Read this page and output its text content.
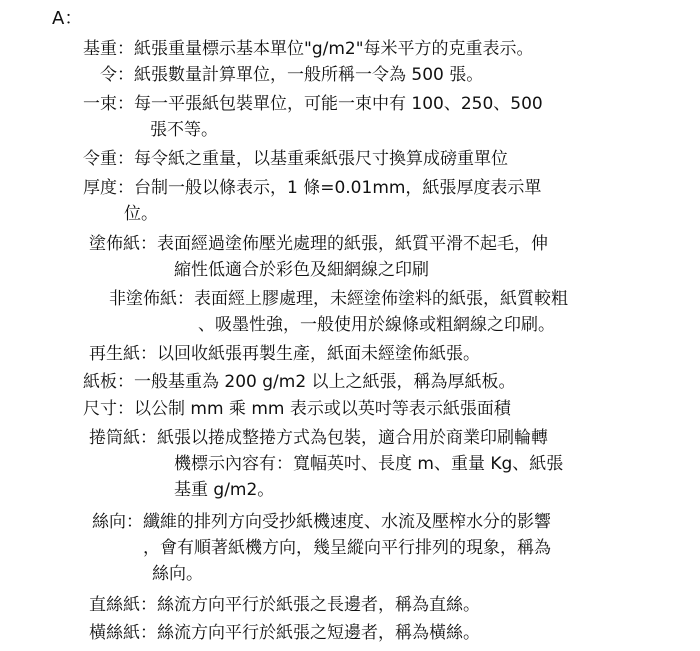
A：
基重： 紙張重量標示基本單位"g/m2"每米平方的克重表示。
令： 紙張數量計算單位，一般所稱一令為 500 張。
一束： 每一平張紙包裝單位，可能一束中有 100、250、500
張不等。
令重： 每令紙之重量，以基重乘紙張尺寸換算成磅重單位
厚度： 台制一般以條表示，1 條=0.01mm，紙張厚度表示單
位。
塗佈紙： 表面經過塗佈壓光處理的紙張，紙質平滑不起毛，伸
縮性低適合於彩色及細網線之印刷
非塗佈紙： 表面經上膠處理，未經塗佈塗料的紙張，紙質較粗
、吸墨性強，一般使用於線條或粗網線之印刷。
再生紙： 以回收紙張再製生產，紙面未經塗佈紙張。
紙板： 一般基重為 200 g/m2 以上之紙張，稱為厚紙板。
尺寸： 以公制 mm 乘 mm 表示或以英吋等表示紙張面積
捲筒紙： 紙張以捲成整捲方式為包裝，適合用於商業印刷輪轉
機標示內容有：寬幅英吋、長度 m、重量 Kg、紙張
基重 g/m2。
絲向： 纖維的排列方向受抄紙機速度、水流及壓榨水分的影響
，會有順著紙機方向，幾呈縱向平行排列的現象，稱為
絲向。
直絲紙： 絲流方向平行於紙張之長邊者，稱為直絲。
橫絲紙： 絲流方向平行於紙張之短邊者，稱為橫絲。
